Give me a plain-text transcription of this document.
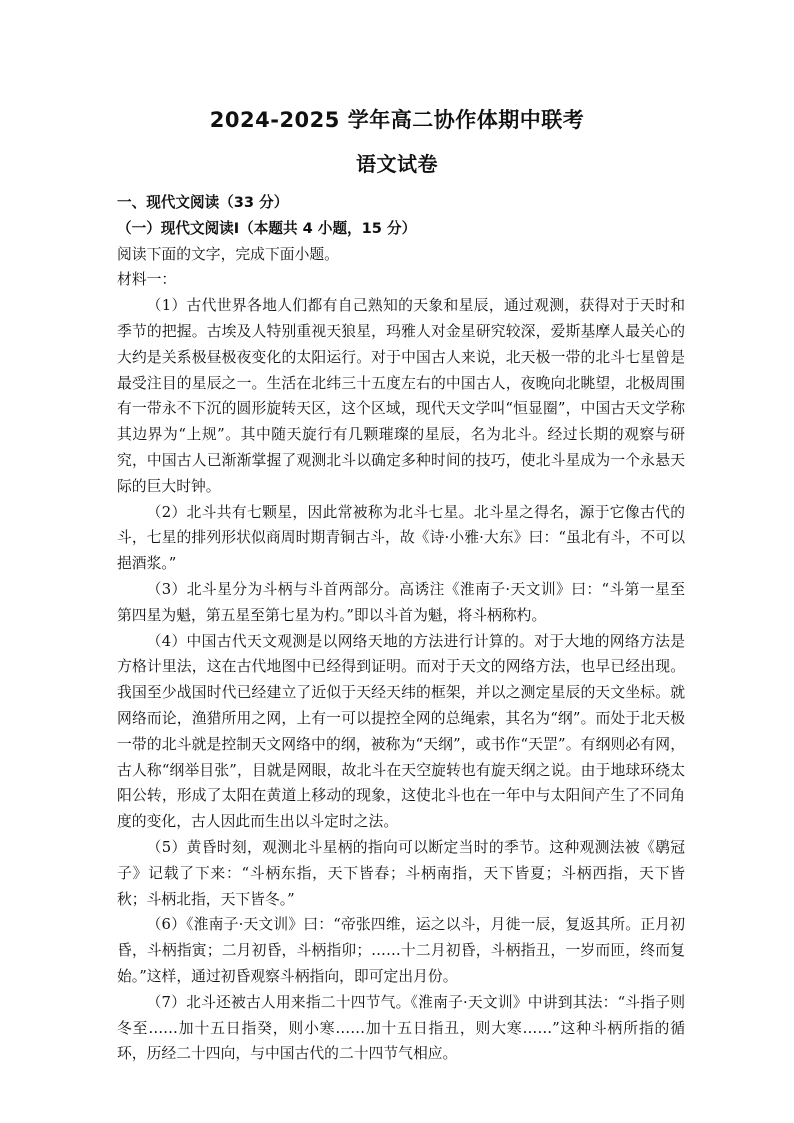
2024-2025 学年高二协作体期中联考
语文试卷

一、现代文阅读（33 分）

（一）现代文阅读Ⅰ（本题共 4 小题，15 分）

阅读下面的文字，完成下面小题。

材料一：

（1）古代世界各地人们都有自己熟知的天象和星辰，通过观测，获得对于天时和季节的把握。古埃及人特别重视天狼星，玛雅人对金星研究较深，爱斯基摩人最关心的大约是关系极昼极夜变化的太阳运行。对于中国古人来说，北天极一带的北斗七星曾是最受注目的星辰之一。生活在北纬三十五度左右的中国古人，夜晚向北眺望，北极周围有一带永不下沉的圆形旋转天区，这个区域，现代天文学叫“恒显圈”，中国古天文学称其边界为“上规”。其中随天旋行有几颗璀璨的星辰，名为北斗。经过长期的观察与研究，中国古人已渐渐掌握了观测北斗以确定多种时间的技巧，使北斗星成为一个永悬天际的巨大时钟。

（2）北斗共有七颗星，因此常被称为北斗七星。北斗星之得名，源于它像古代的斗，七星的排列形状似商周时期青铜古斗，故《诗·小雅·大东》曰：“虽北有斗，不可以挹酒浆。”

（3）北斗星分为斗柄与斗首两部分。高诱注《淮南子·天文训》曰：“斗第一星至第四星为魁，第五星至第七星为杓。”即以斗首为魁，将斗柄称杓。

（4）中国古代天文观测是以网络天地的方法进行计算的。对于大地的网络方法是方格计里法，这在古代地图中已经得到证明。而对于天文的网络方法，也早已经出现。我国至少战国时代已经建立了近似于天经天纬的框架，并以之测定星辰的天文坐标。就网络而论，渔猎所用之网，上有一可以提控全网的总绳索，其名为“纲”。而处于北天极一带的北斗就是控制天文网络中的纲，被称为“天纲”，或书作“天罡”。有纲则必有网，古人称“纲举目张”，目就是网眼，故北斗在天空旋转也有旋天纲之说。由于地球环绕太阳公转，形成了太阳在黄道上移动的现象，这使北斗也在一年中与太阳间产生了不同角度的变化，古人因此而生出以斗定时之法。

（5）黄昏时刻，观测北斗星柄的指向可以断定当时的季节。这种观测法被《鹖冠子》记载了下来：“斗柄东指，天下皆春；斗柄南指，天下皆夏；斗柄西指，天下皆秋；斗柄北指，天下皆冬。”

（6）《淮南子·天文训》曰：“帝张四维，运之以斗，月徙一辰，复返其所。正月初昏，斗柄指寅；二月初昏，斗柄指卯；……十二月初昏，斗柄指丑，一岁而匝，终而复始。”这样，通过初昏观察斗柄指向，即可定出月份。

（7）北斗还被古人用来指二十四节气。《淮南子·天文训》中讲到其法：“斗指子则冬至……加十五日指癸，则小寒……加十五日指丑，则大寒……”这种斗柄所指的循环，历经二十四向，与中国古代的二十四节气相应。
